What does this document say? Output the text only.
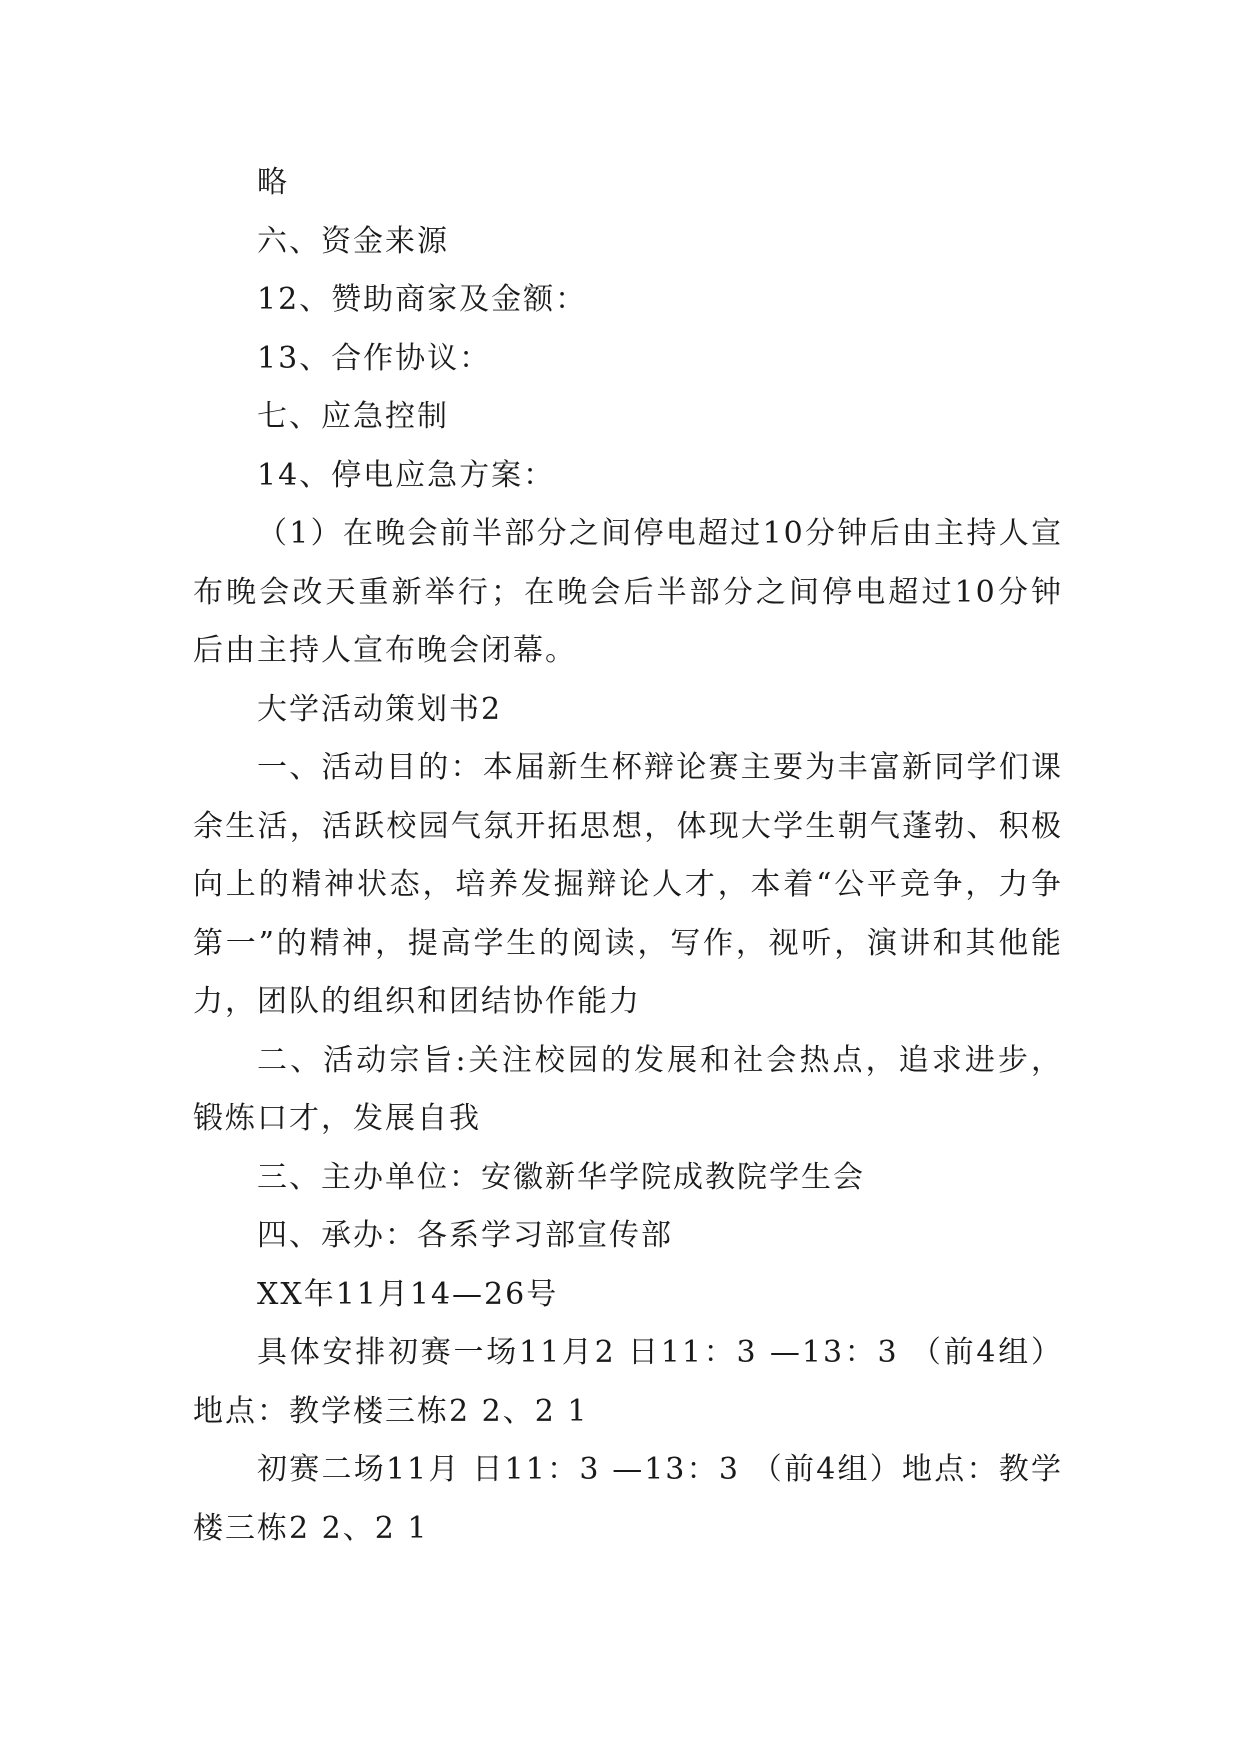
略

六、资金来源

12、赞助商家及金额：

13、合作协议：

七、应急控制

14、停电应急方案：

（1）在晚会前半部分之间停电超过10分钟后由主持人宣布晚会改天重新举行；在晚会后半部分之间停电超过10分钟后由主持人宣布晚会闭幕。

大学活动策划书2

一、活动目的：本届新生杯辩论赛主要为丰富新同学们课余生活，活跃校园气氛开拓思想，体现大学生朝气蓬勃、积极向上的精神状态，培养发掘辩论人才，本着“公平竞争，力争第一”的精神，提高学生的阅读，写作，视听，演讲和其他能力，团队的组织和团结协作能力

二、活动宗旨:关注校园的发展和社会热点，追求进步，锻炼口才，发展自我

三、主办单位：安徽新华学院成教院学生会

四、承办：各系学习部宣传部

XX年11月14—26号

具体安排初赛一场11月2 日11：3 —13：3 （前4组）地点：教学楼三栋2 2、2 1

初赛二场11月 日11：3 —13：3 （前4组）地点：教学楼三栋2 2、2 1
